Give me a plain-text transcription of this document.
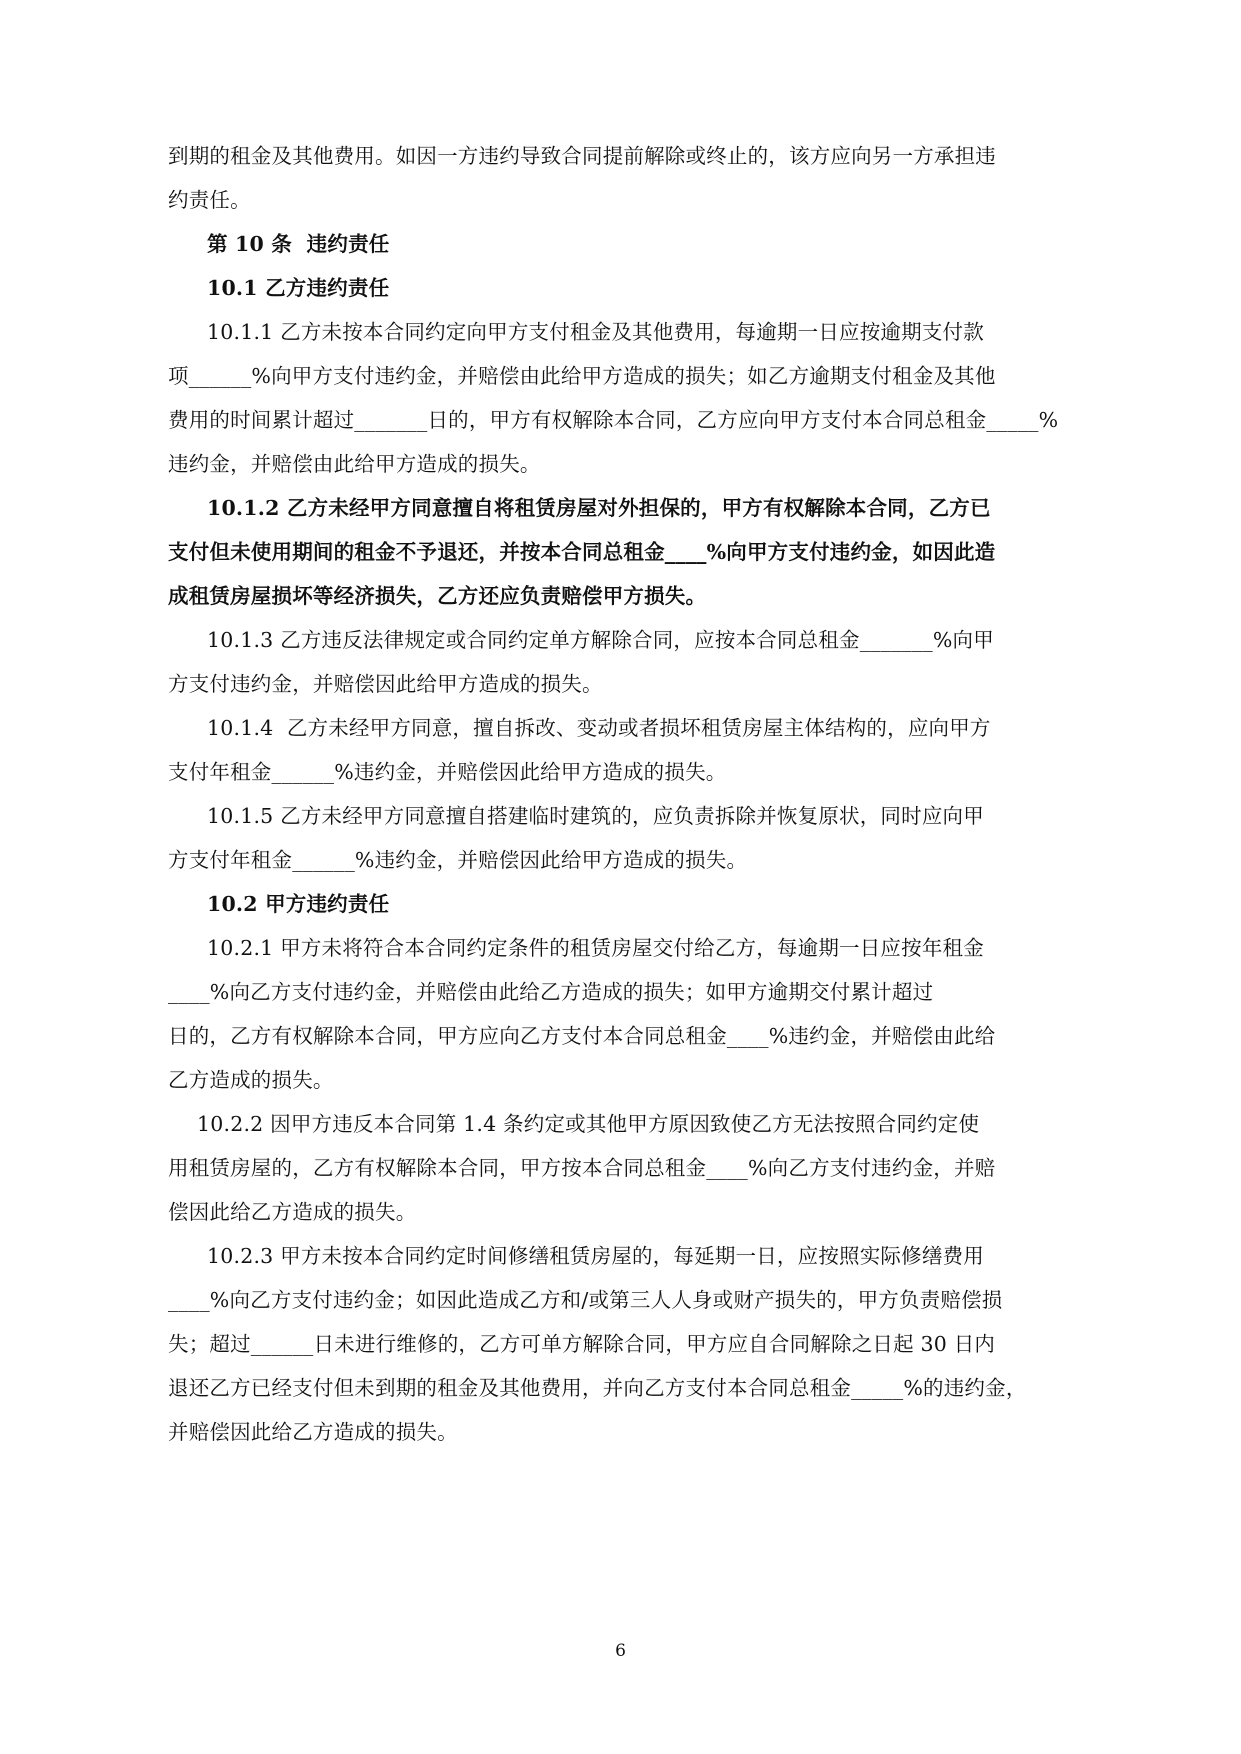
到期的租金及其他费用。如因一方违约导致合同提前解除或终止的，该方应向另一方承担违
约责任。
第 10 条  违约责任
10.1 乙方违约责任
10.1.1 乙方未按本合同约定向甲方支付租金及其他费用，每逾期一日应按逾期支付款
项______%向甲方支付违约金，并赔偿由此给甲方造成的损失；如乙方逾期支付租金及其他
费用的时间累计超过_______日的，甲方有权解除本合同，乙方应向甲方支付本合同总租金_____%
违约金，并赔偿由此给甲方造成的损失。
10.1.2 乙方未经甲方同意擅自将租赁房屋对外担保的，甲方有权解除本合同，乙方已
支付但未使用期间的租金不予退还，并按本合同总租金____%向甲方支付违约金，如因此造
成租赁房屋损坏等经济损失，乙方还应负责赔偿甲方损失。
10.1.3 乙方违反法律规定或合同约定单方解除合同，应按本合同总租金_______%向甲
方支付违约金，并赔偿因此给甲方造成的损失。
10.1.4  乙方未经甲方同意，擅自拆改、变动或者损坏租赁房屋主体结构的，应向甲方
支付年租金______%违约金，并赔偿因此给甲方造成的损失。
10.1.5 乙方未经甲方同意擅自搭建临时建筑的，应负责拆除并恢复原状，同时应向甲
方支付年租金______%违约金，并赔偿因此给甲方造成的损失。
10.2 甲方违约责任
10.2.1 甲方未将符合本合同约定条件的租赁房屋交付给乙方，每逾期一日应按年租金
____%向乙方支付违约金，并赔偿由此给乙方造成的损失；如甲方逾期交付累计超过
日的，乙方有权解除本合同，甲方应向乙方支付本合同总租金____%违约金，并赔偿由此给
乙方造成的损失。
10.2.2 因甲方违反本合同第 1.4 条约定或其他甲方原因致使乙方无法按照合同约定使
用租赁房屋的，乙方有权解除本合同，甲方按本合同总租金____%向乙方支付违约金，并赔
偿因此给乙方造成的损失。
10.2.3 甲方未按本合同约定时间修缮租赁房屋的，每延期一日，应按照实际修缮费用
____%向乙方支付违约金；如因此造成乙方和/或第三人人身或财产损失的，甲方负责赔偿损
失；超过______日未进行维修的，乙方可单方解除合同，甲方应自合同解除之日起 30 日内
退还乙方已经支付但未到期的租金及其他费用，并向乙方支付本合同总租金_____%的违约金，
并赔偿因此给乙方造成的损失。
6
